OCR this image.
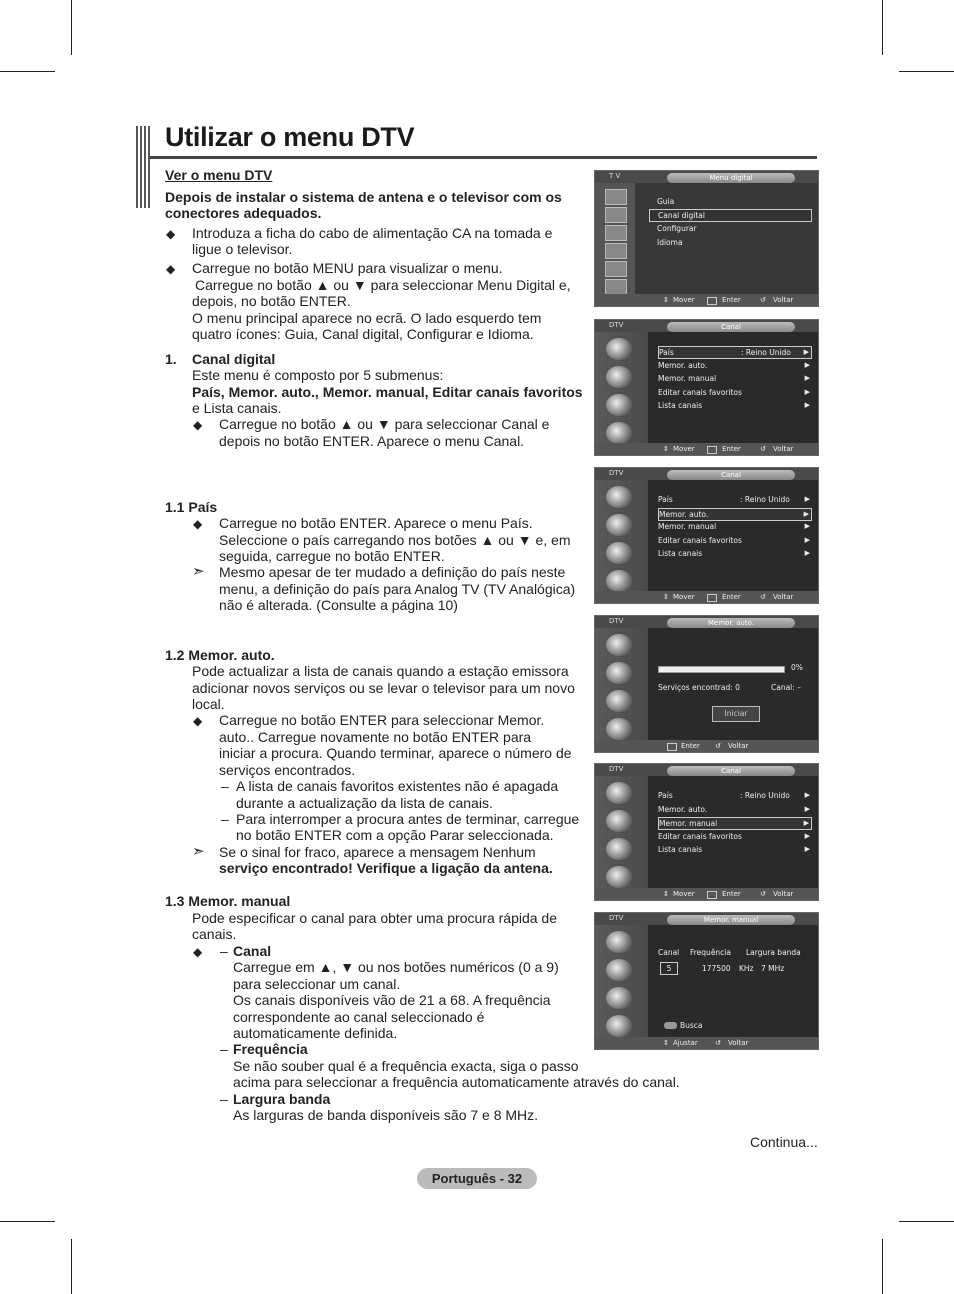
Utilizar o menu DTV
Ver o menu DTV
Depois de instalar o sistema de antena e o televisor com os conectores adequados.
◆ Introduza a ficha do cabo de alimentação CA na tomada e ligue o televisor.
◆ Carregue no botão MENU para visualizar o menu.
Carregue no botão ▲ ou ▼ para seleccionar Menu Digital e,
depois, no botão ENTER.
O menu principal aparece no ecrã. O lado esquerdo tem
quatro ícones: Guia, Canal digital, Configurar e Idioma.
1. Canal digital
Este menu é composto por 5 submenus:
País, Memor. auto., Memor. manual, Editar canais favoritos
e Lista canais.
◆ Carregue no botão ▲ ou ▼ para seleccionar Canal e
depois no botão ENTER. Aparece o menu Canal.
1.1 País
◆ Carregue no botão ENTER. Aparece o menu País.
Seleccione o país carregando nos botões ▲ ou ▼ e, em
seguida, carregue no botão ENTER.
➣ Mesmo apesar de ter mudado a definição do país neste
menu, a definição do país para Analog TV (TV Analógica)
não é alterada. (Consulte a página 10)
1.2 Memor. auto.
Pode actualizar a lista de canais quando a estação emissora
adicionar novos serviços ou se levar o televisor para um novo
local.
◆ Carregue no botão ENTER para seleccionar Memor.
auto.. Carregue novamente no botão ENTER para
iniciar a procura. Quando terminar, aparece o número de
serviços encontrados.
– A lista de canais favoritos existentes não é apagada
durante a actualização da lista de canais.
– Para interromper a procura antes de terminar, carregue
no botão ENTER com a opção Parar seleccionada.
➣ Se o sinal for fraco, aparece a mensagem Nenhum
serviço encontrado! Verifique a ligação da antena.
1.3 Memor. manual
Pode especificar o canal para obter uma procura rápida de
canais.
◆ – Canal
Carregue em ▲, ▼ ou nos botões numéricos (0 a 9)
para seleccionar um canal.
Os canais disponíveis vão de 21 a 68. A frequência
correspondente ao canal seleccionado é
automaticamente definida.
– Frequência
Se não souber qual é a frequência exacta, siga o passo
acima para seleccionar a frequência automaticamente através do canal.
– Largura banda
As larguras de banda disponíveis são 7 e 8 MHz.
Continua...
Português - 32
T V	Menu digital
Guia
Canal digital
Configurar
Idioma
⇕ Mover	Enter	↺ Voltar
DTV	Canal
País	: Reino Unido ▶
Memor. auto.	▶
Memor. manual	▶
Editar canais favoritos	▶
Lista canais	▶
⇕ Mover	Enter	↺ Voltar
DTV	Canal
País	: Reino Unido ▶
Memor. auto.	▶
Memor. manual	▶
Editar canais favoritos	▶
Lista canais	▶
⇕ Mover	Enter	↺ Voltar
DTV	Memor. auto.
0%
Serviços encontrad: 0	Canal: –
Iniciar
Enter ↺ Voltar
DTV	Canal
País	: Reino Unido ▶
Memor. auto.	▶
Memor. manual	▶
Editar canais favoritos	▶
Lista canais	▶
⇕ Mover	Enter	↺ Voltar
DTV	Memor. manual
Canal	Frequência	Largura banda
5	177500	KHz	7 MHz
Busca
⇕ Ajustar ↺ Voltar
